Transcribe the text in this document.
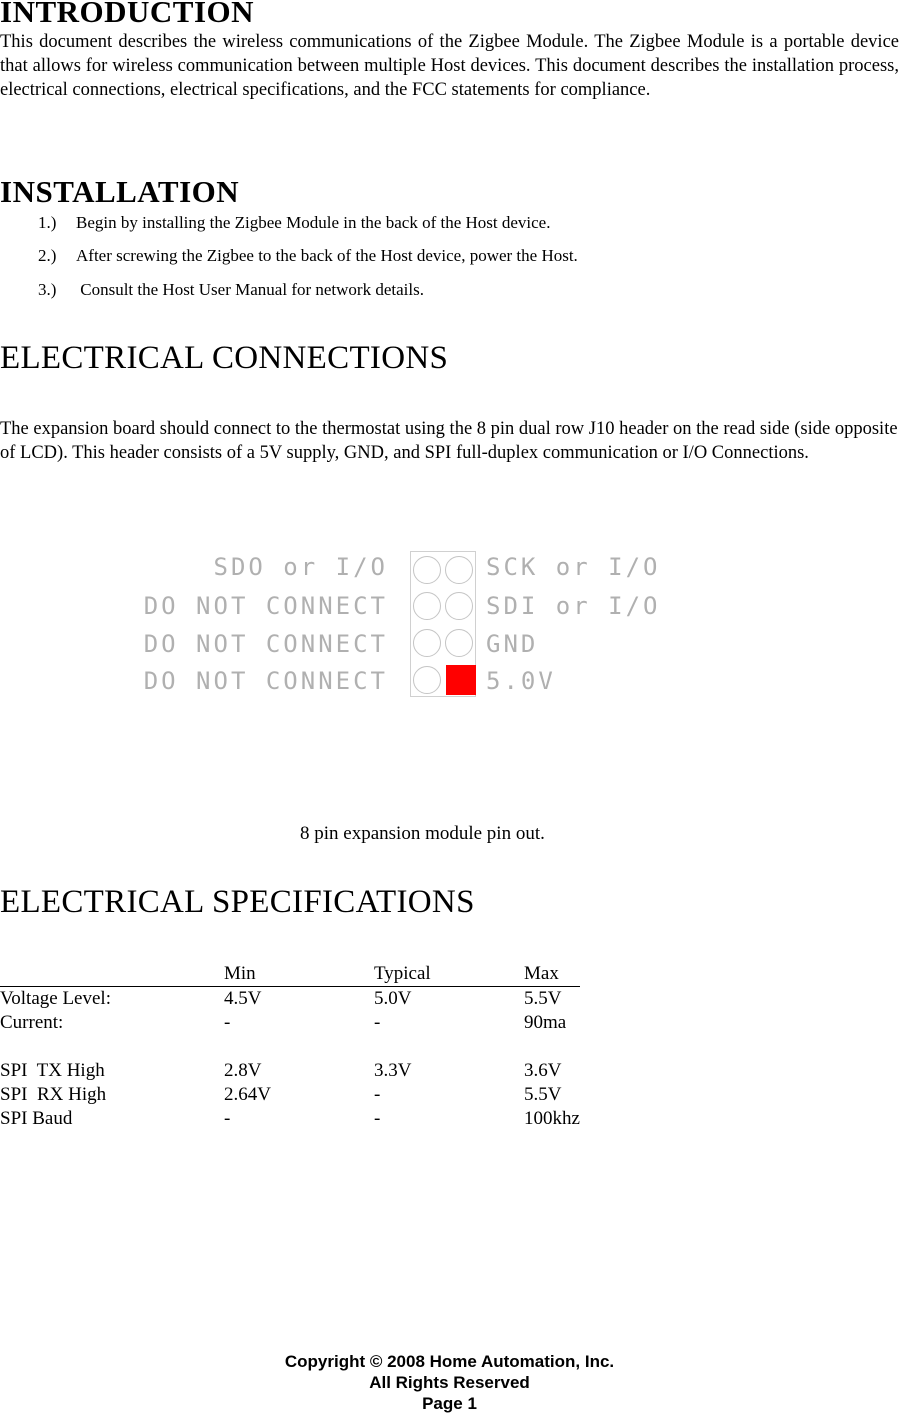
INTRODUCTION

This document describes the wireless communications of the Zigbee Module. The Zigbee Module is a portable device that allows for wireless communication between multiple Host devices. This document describes the installation process, electrical connections, electrical specifications, and the FCC statements for compliance.

INSTALLATION
1.) Begin by installing the Zigbee Module in the back of the Host device.
2.) After screwing the Zigbee to the back of the Host device, power the Host.
3.) Consult the Host User Manual for network details.
ELECTRICAL CONNECTIONS

The expansion board should connect to the thermostat using the 8 pin dual row J10 header on the read side (side opposite of LCD). This header consists of a 5V supply, GND, and SPI full-duplex communication or I/O Connections.

SDO or I/O
DO NOT CONNECT
DO NOT CONNECT
DO NOT CONNECT
SCK or I/O
SDI or I/O
GND
5.0V
8 pin expansion module pin out.
ELECTRICAL SPECIFICATIONS
	Min	Typical	Max
Voltage Level:	4.5V	5.0V	5.5V
Current:	-	-	90ma

SPI  TX High	2.8V	3.3V	3.6V
SPI  RX High	2.64V	-	5.5V
SPI Baud	-	-	100khz
Copyright © 2008 Home Automation, Inc.
All Rights Reserved
Page 1
